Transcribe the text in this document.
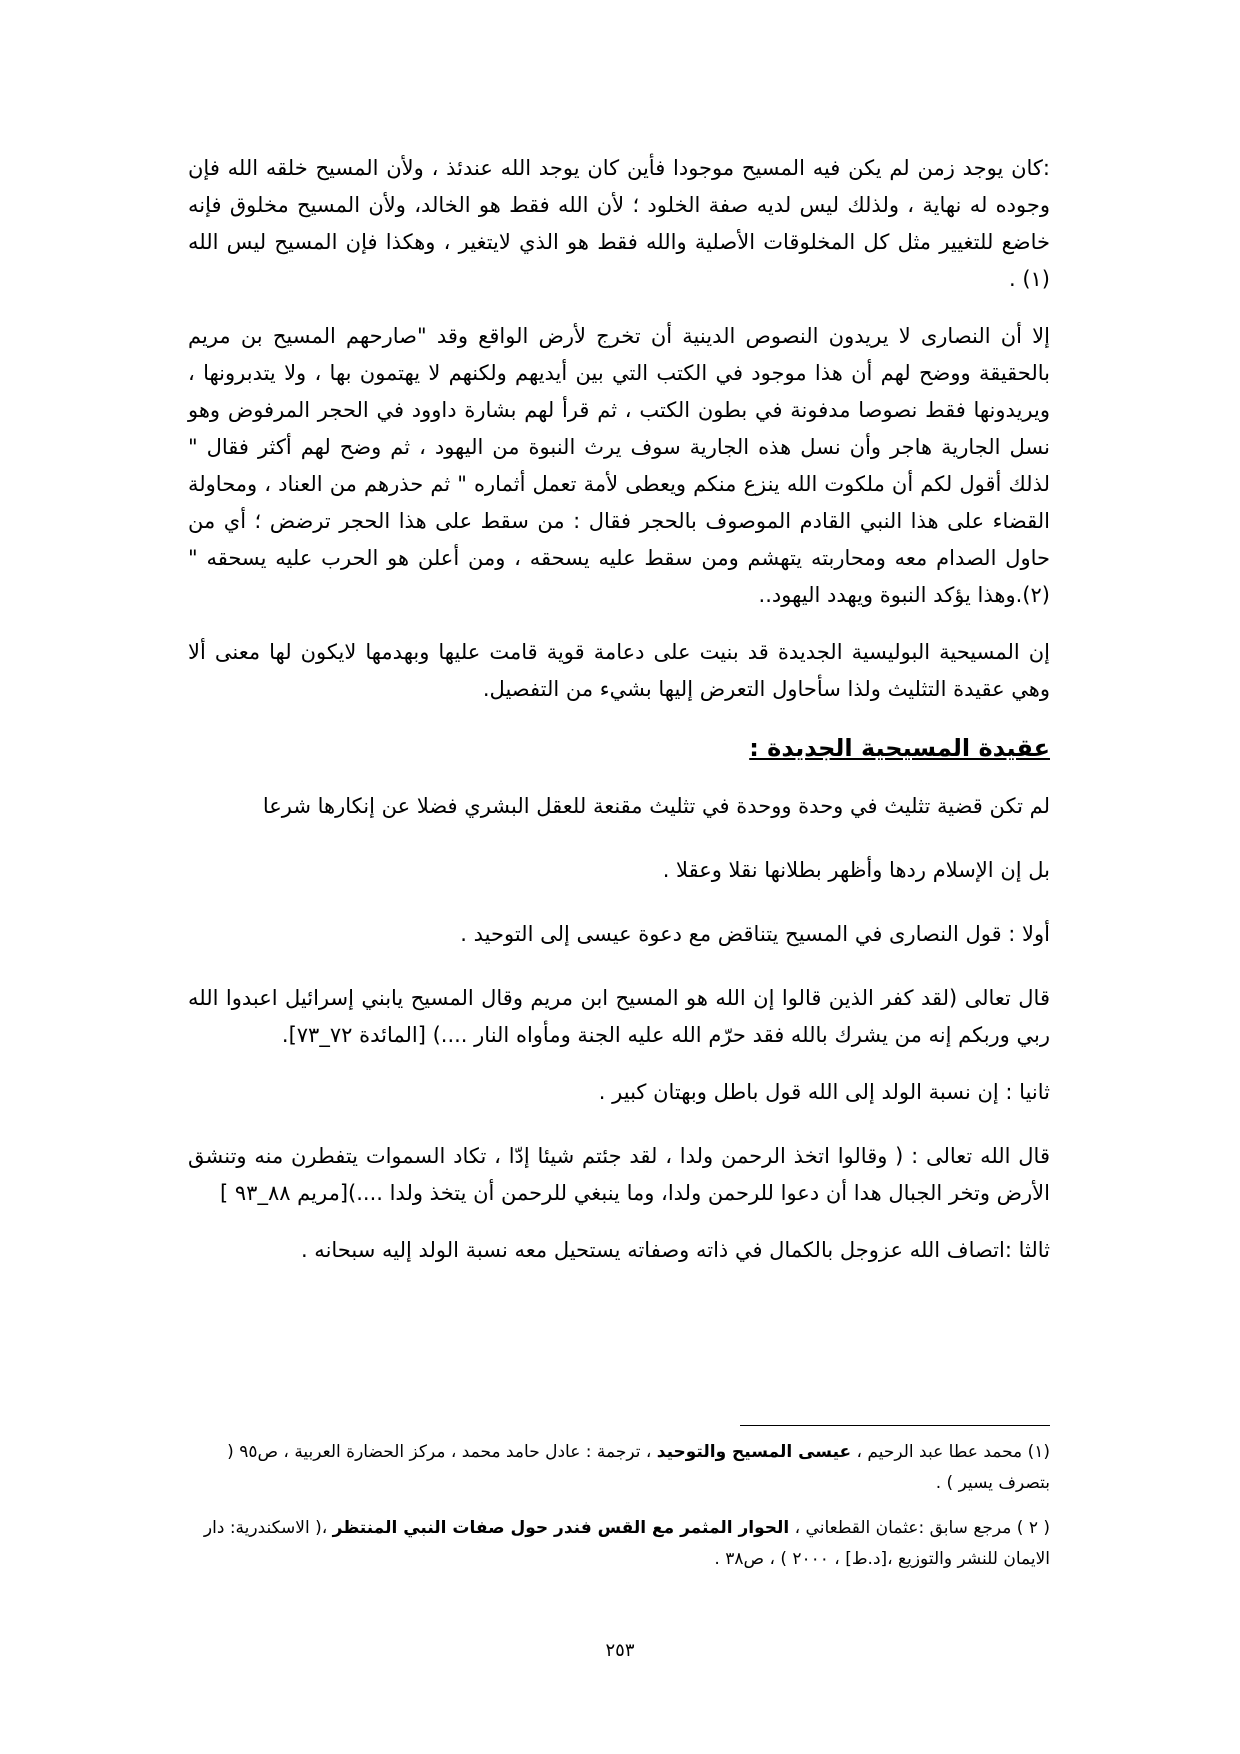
:كان يوجد زمن لم يكن فيه المسيح موجودا فأين كان يوجد الله عندئذ ، ولأن المسيح خلقه الله فإن وجوده له نهاية ، ولذلك ليس لديه صفة الخلود ؛ لأن الله فقط هو الخالد، ولأن المسيح مخلوق فإنه خاضع للتغيير مثل كل المخلوقات الأصلية والله فقط هو الذي لايتغير ، وهكذا فإن المسيح ليس الله (١) .

إلا أن النصارى لا يريدون النصوص الدينية أن تخرج لأرض الواقع وقد "صارحهم المسيح بن مريم بالحقيقة ووضح لهم أن هذا موجود في الكتب التي بين أيديهم ولكنهم لا يهتمون بها ، ولا يتدبرونها ، ويريدونها فقط نصوصا مدفونة في بطون الكتب ، ثم قرأ لهم بشارة داوود في الحجر المرفوض وهو نسل الجارية هاجر وأن نسل هذه الجارية سوف يرث النبوة من اليهود ، ثم وضح لهم أكثر فقال " لذلك أقول لكم أن ملكوت الله ينزع منكم ويعطى لأمة تعمل أثماره " ثم حذرهم من العناد ، ومحاولة القضاء على هذا النبي القادم الموصوف بالحجر فقال : من سقط على هذا الحجر ترضض ؛ أي من حاول الصدام معه ومحاربته يتهشم ومن سقط عليه يسحقه ، ومن أعلن هو الحرب عليه يسحقه "(٢).وهذا يؤكد النبوة ويهدد اليهود..

إن المسيحية البوليسية الجديدة قد بنيت على دعامة قوية قامت عليها وبهدمها لايكون لها معنى ألا وهي عقيدة التثليث ولذا سأحاول التعرض إليها بشيء من التفصيل.

عقيدة المسيحية الجديدة :

لم تكن قضية تثليث في وحدة ووحدة في تثليث مقنعة للعقل البشري فضلا عن إنكارها شرعا

بل إن الإسلام ردها وأظهر بطلانها نقلا وعقلا .

أولا : قول النصارى في المسيح يتناقض مع دعوة عيسى إلى التوحيد .

قال تعالى (لقد كفر الذين قالوا إن الله هو المسيح ابن مريم وقال المسيح يابني إسرائيل اعبدوا الله ربي وربكم إنه من يشرك بالله فقد حرّم الله عليه الجنة ومأواه النار ....) [المائدة ٧٢_٧٣].

ثانيا : إن نسبة الولد إلى الله قول باطل وبهتان كبير .

قال الله تعالى : ( وقالوا اتخذ الرحمن ولدا ، لقد جئتم شيئا إدّا ، تكاد السموات يتفطرن منه وتنشق الأرض وتخر الجبال هدا أن دعوا للرحمن ولدا، وما ينبغي للرحمن أن يتخذ ولدا ....)[مريم ٨٨_٩٣ ]

ثالثا :اتصاف الله عزوجل بالكمال في ذاته وصفاته يستحيل معه نسبة الولد إليه سبحانه .

(١) محمد عطا عبد الرحيم ، عيسى المسيح والتوحيد ، ترجمة : عادل حامد محمد ، مركز الحضارة العربية ، ص٩٥ ( بتصرف يسير ) .

( ٢ ) مرجع سابق :عثمان القطعاني ، الحوار المثمر مع القس فندر حول صفات النبي المنتظر ،( الاسكندرية: دار الايمان للنشر والتوزيع ،[د.ط] ، ٢٠٠٠ ) ، ص٣٨ .

٢٥٣
